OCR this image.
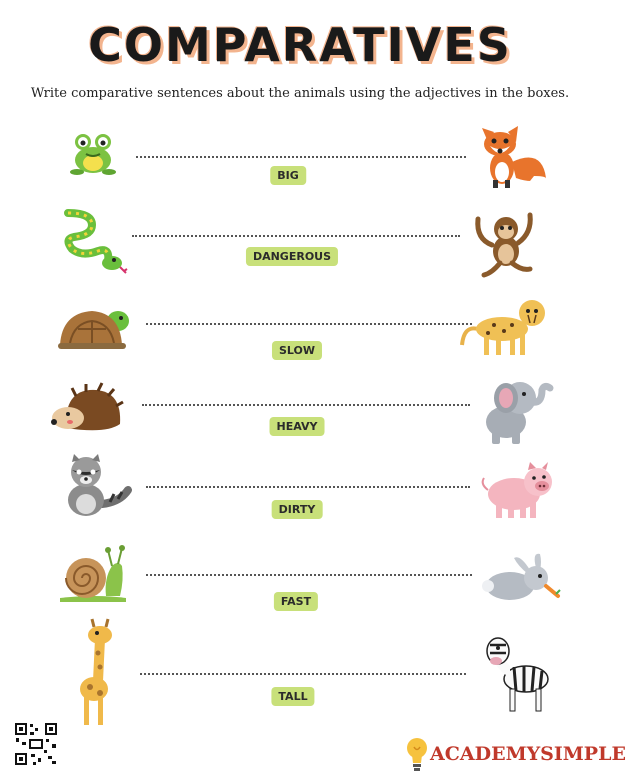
COMPARATIVES
Write comparative sentences about the animals using the adjectives in the boxes.
BIG
DANGEROUS
SLOW
HEAVY
DIRTY
FAST
TALL
ACADEMYSIMPLE
